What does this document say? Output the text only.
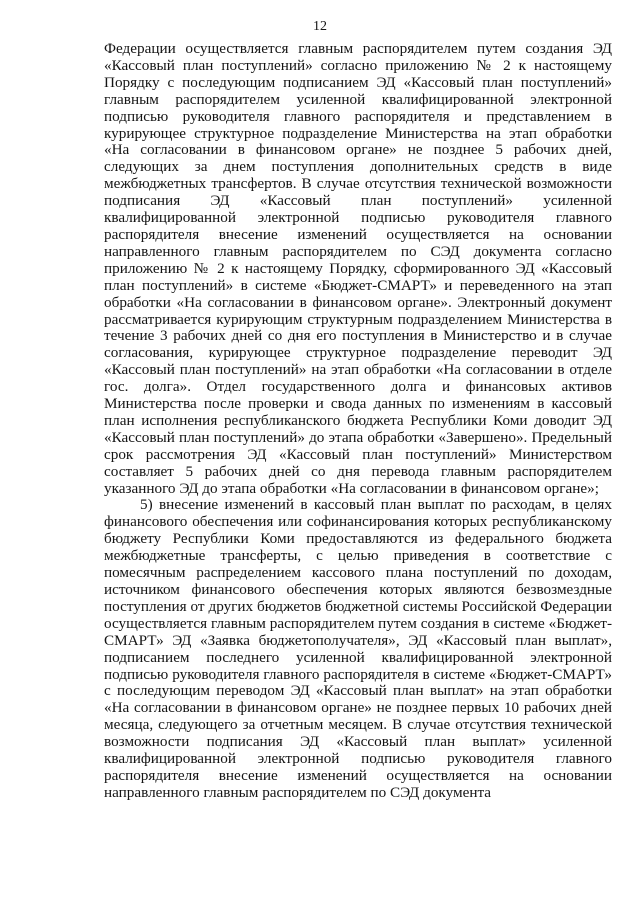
12

Федерации осуществляется главным распорядителем путем создания ЭД «Кассовый план поступлений» согласно приложению № 2 к настоящему Порядку с последующим подписанием ЭД «Кассовый план поступлений» главным распорядителем усиленной квалифицированной электронной подписью руководителя главного распорядителя и представлением в курирующее структурное подразделение Министерства на этап обработки «На согласовании в финансовом органе» не позднее 5 рабочих дней, следующих за днем поступления дополнительных средств в виде межбюджетных трансфертов. В случае отсутствия технической возможности подписания ЭД «Кассовый план поступлений» усиленной квалифицированной электронной подписью руководителя главного распорядителя внесение изменений осуществляется на основании направленного главным распорядителем по СЭД документа согласно приложению № 2 к настоящему Порядку, сформированного ЭД «Кассовый план поступлений» в системе «Бюджет-СМАРТ» и переведенного на этап обработки «На согласовании в финансовом органе». Электронный документ рассматривается курирующим структурным подразделением Министерства в течение 3 рабочих дней со дня его поступления в Министерство и в случае согласования, курирующее структурное подразделение переводит ЭД «Кассовый план поступлений» на этап обработки «На согласовании в отделе гос. долга». Отдел государственного долга и финансовых активов Министерства после проверки и свода данных по изменениям в кассовый план исполнения республиканского бюджета Республики Коми доводит ЭД «Кассовый план поступлений» до этапа обработки «Завершено». Предельный срок рассмотрения ЭД «Кассовый план поступлений» Министерством составляет 5 рабочих дней со дня перевода главным распорядителем указанного ЭД до этапа обработки «На согласовании в финансовом органе»;

5) внесение изменений в кассовый план выплат по расходам, в целях финансового обеспечения или софинансирования которых республиканскому бюджету Республики Коми предоставляются из федерального бюджета межбюджетные трансферты, с целью приведения в соответствие с помесячным распределением кассового плана поступлений по доходам, источником финансового обеспечения которых являются безвозмездные поступления от других бюджетов бюджетной системы Российской Федерации осуществляется главным распорядителем путем создания в системе «Бюджет-СМАРТ» ЭД «Заявка бюджетополучателя», ЭД «Кассовый план выплат», подписанием последнего усиленной квалифицированной электронной подписью руководителя главного распорядителя в системе «Бюджет-СМАРТ» с последующим переводом ЭД «Кассовый план выплат» на этап обработки «На согласовании в финансовом органе» не позднее первых 10 рабочих дней месяца, следующего за отчетным месяцем. В случае отсутствия технической возможности подписания ЭД «Кассовый план выплат» усиленной квалифицированной электронной подписью руководителя главного распорядителя внесение изменений осуществляется на основании направленного главным распорядителем по СЭД документа
